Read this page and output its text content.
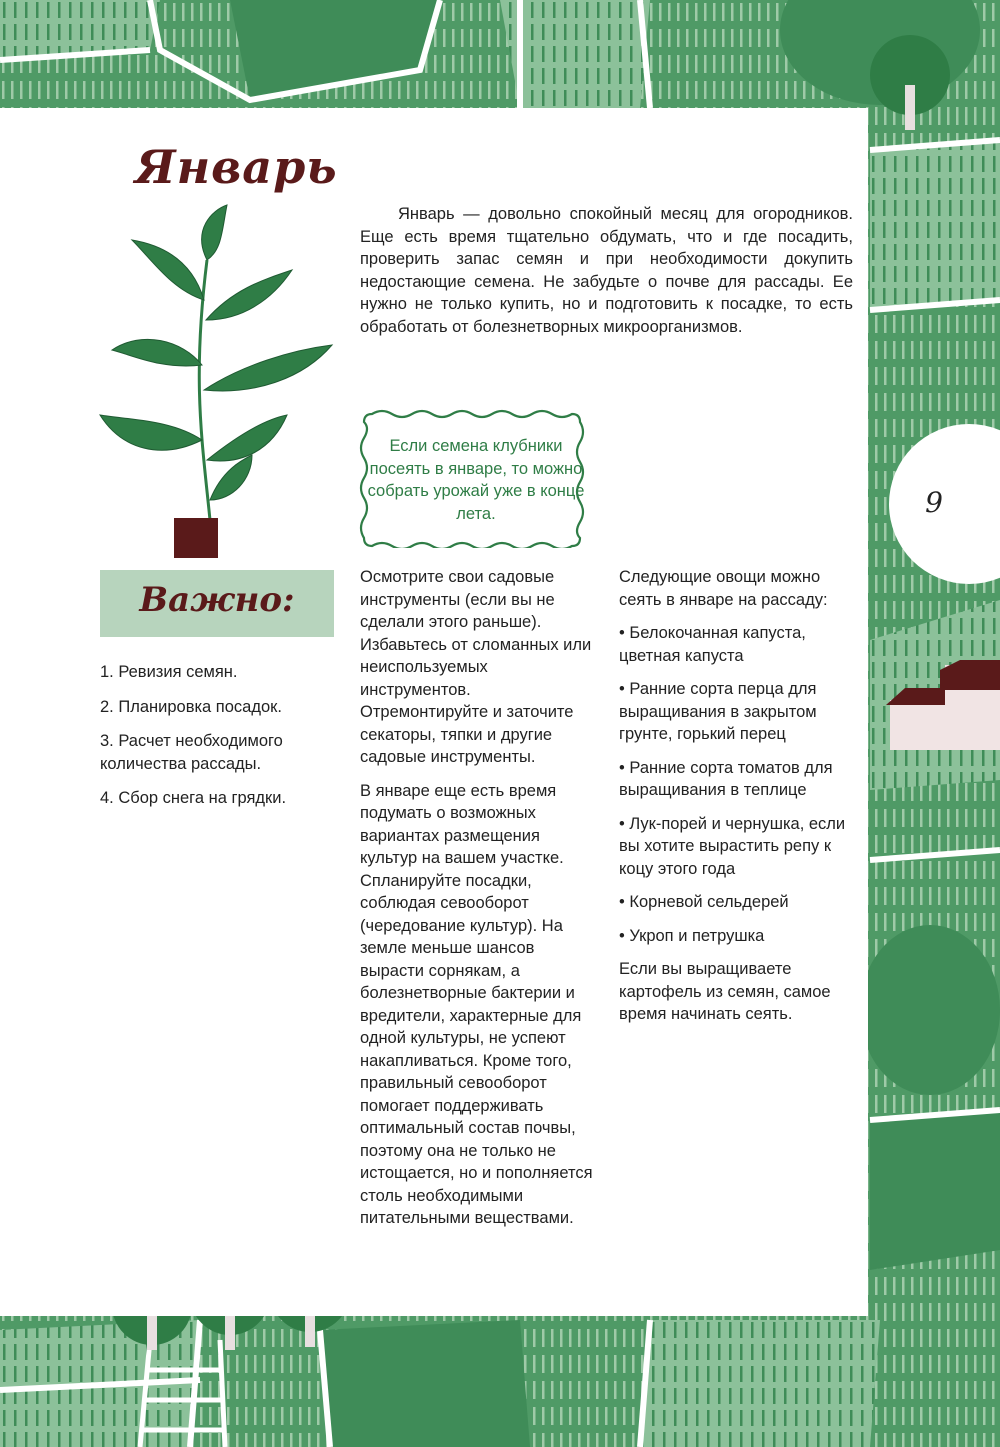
9
Январь

Январь — довольно спокойный месяц для огородников. Еще есть время тщательно обдумать, что и где посадить, проверить запас семян и при необходимости докупить недостающие семена. Не забудьте о почве для рассады. Ее нужно не только купить, но и подготовить к посадке, то есть обработать от болезнетворных микроорганизмов.

Если семена клубники посеять в январе, то можно собрать урожай уже в конце лета.

Важно:

1. Ревизия семян.
2. Планировка посадок.
3. Расчет необходимого количества рассады.
4. Сбор снега на грядки.

Осмотрите свои садовые инструменты (если вы не сделали этого раньше). Избавьтесь от сломанных или неиспользуемых инструментов. Отремонтируйте и заточите секаторы, тяпки и другие садовые инструменты.

В январе еще есть время подумать о возможных вариантах размещения культур на вашем участке. Спланируйте посадки, соблюдая севооборот (чередование культур). На земле меньше шансов вырасти сорнякам, а болезнетворные бактерии и вредители, характерные для одной культуры, не успеют накапливаться. Кроме того, правильный севооборот помогает поддерживать оптимальный состав почвы, поэтому она не только не истощается, но и пополняется столь необходимыми питательными веществами.

Следующие овощи можно сеять в январе на рассаду:

• Белокочанная капуста, цветная капуста

• Ранние сорта перца для выращивания в закрытом грунте, горький перец

• Ранние сорта томатов для выращивания в теплице

• Лук-порей и чернушка, если вы хотите вырастить репу к коцу этого года

• Корневой сельдерей

• Укроп и петрушка

Если вы выращиваете картофель из семян, самое время начинать сеять.
